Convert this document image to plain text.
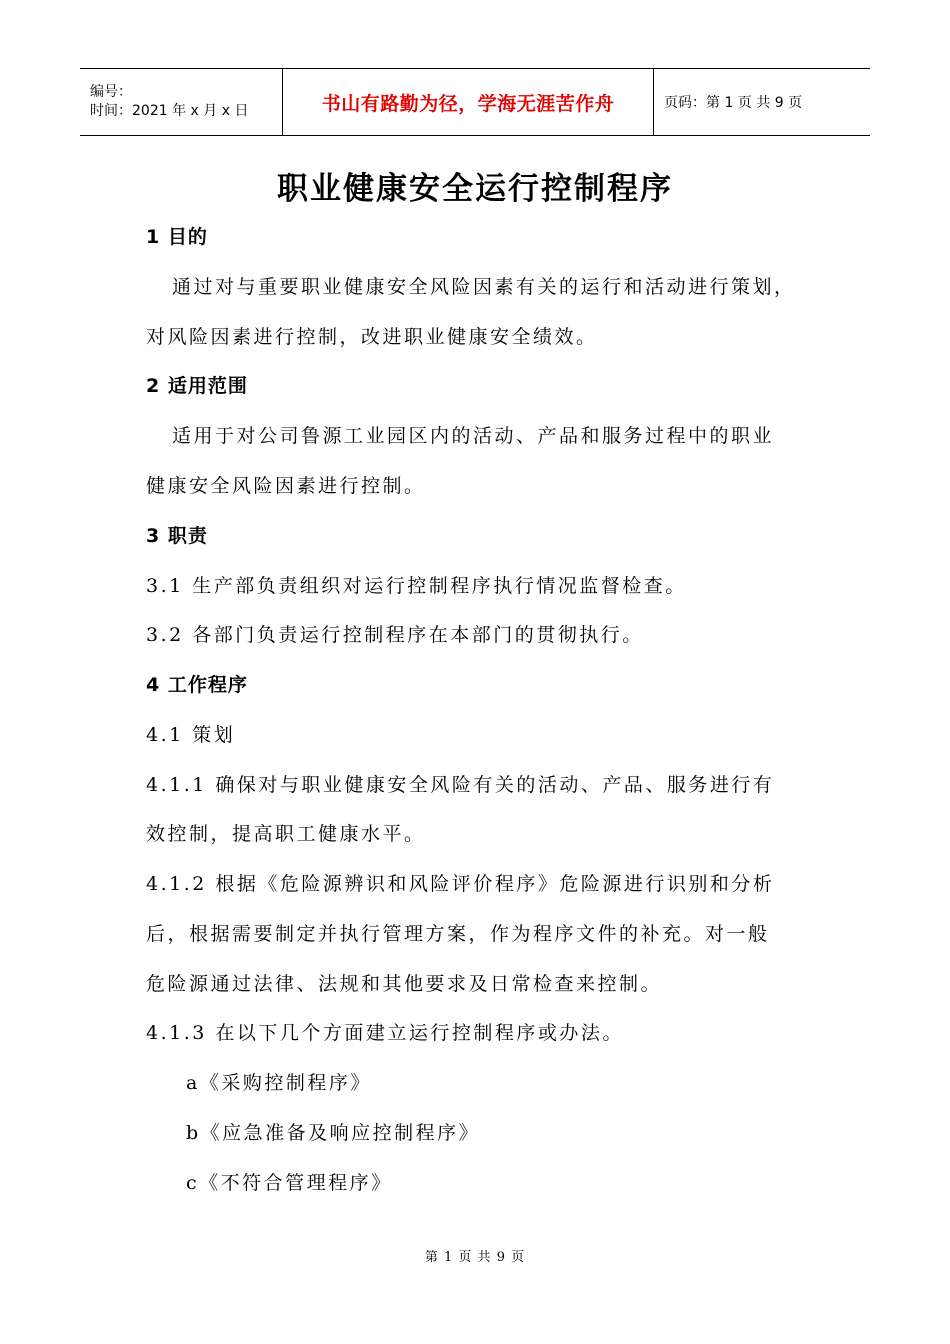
编号：
时间：2021 年 x 月 x 日	书山有路勤为径，学海无涯苦作舟	页码：第 1 页 共 9 页
职业健康安全运行控制程序
1 目的
通过对与重要职业健康安全风险因素有关的运行和活动进行策划，
对风险因素进行控制，改进职业健康安全绩效。
2 适用范围
适用于对公司鲁源工业园区内的活动、产品和服务过程中的职业
健康安全风险因素进行控制。
3 职责
3.1 生产部负责组织对运行控制程序执行情况监督检查。
3.2 各部门负责运行控制程序在本部门的贯彻执行。
4 工作程序
4.1 策划
4.1.1 确保对与职业健康安全风险有关的活动、产品、服务进行有
效控制，提高职工健康水平。
4.1.2 根据《危险源辨识和风险评价程序》危险源进行识别和分析
后，根据需要制定并执行管理方案，作为程序文件的补充。对一般
危险源通过法律、法规和其他要求及日常检查来控制。
4.1.3 在以下几个方面建立运行控制程序或办法。
a《采购控制程序》
b《应急准备及响应控制程序》
c《不符合管理程序》
第 1 页 共 9 页
